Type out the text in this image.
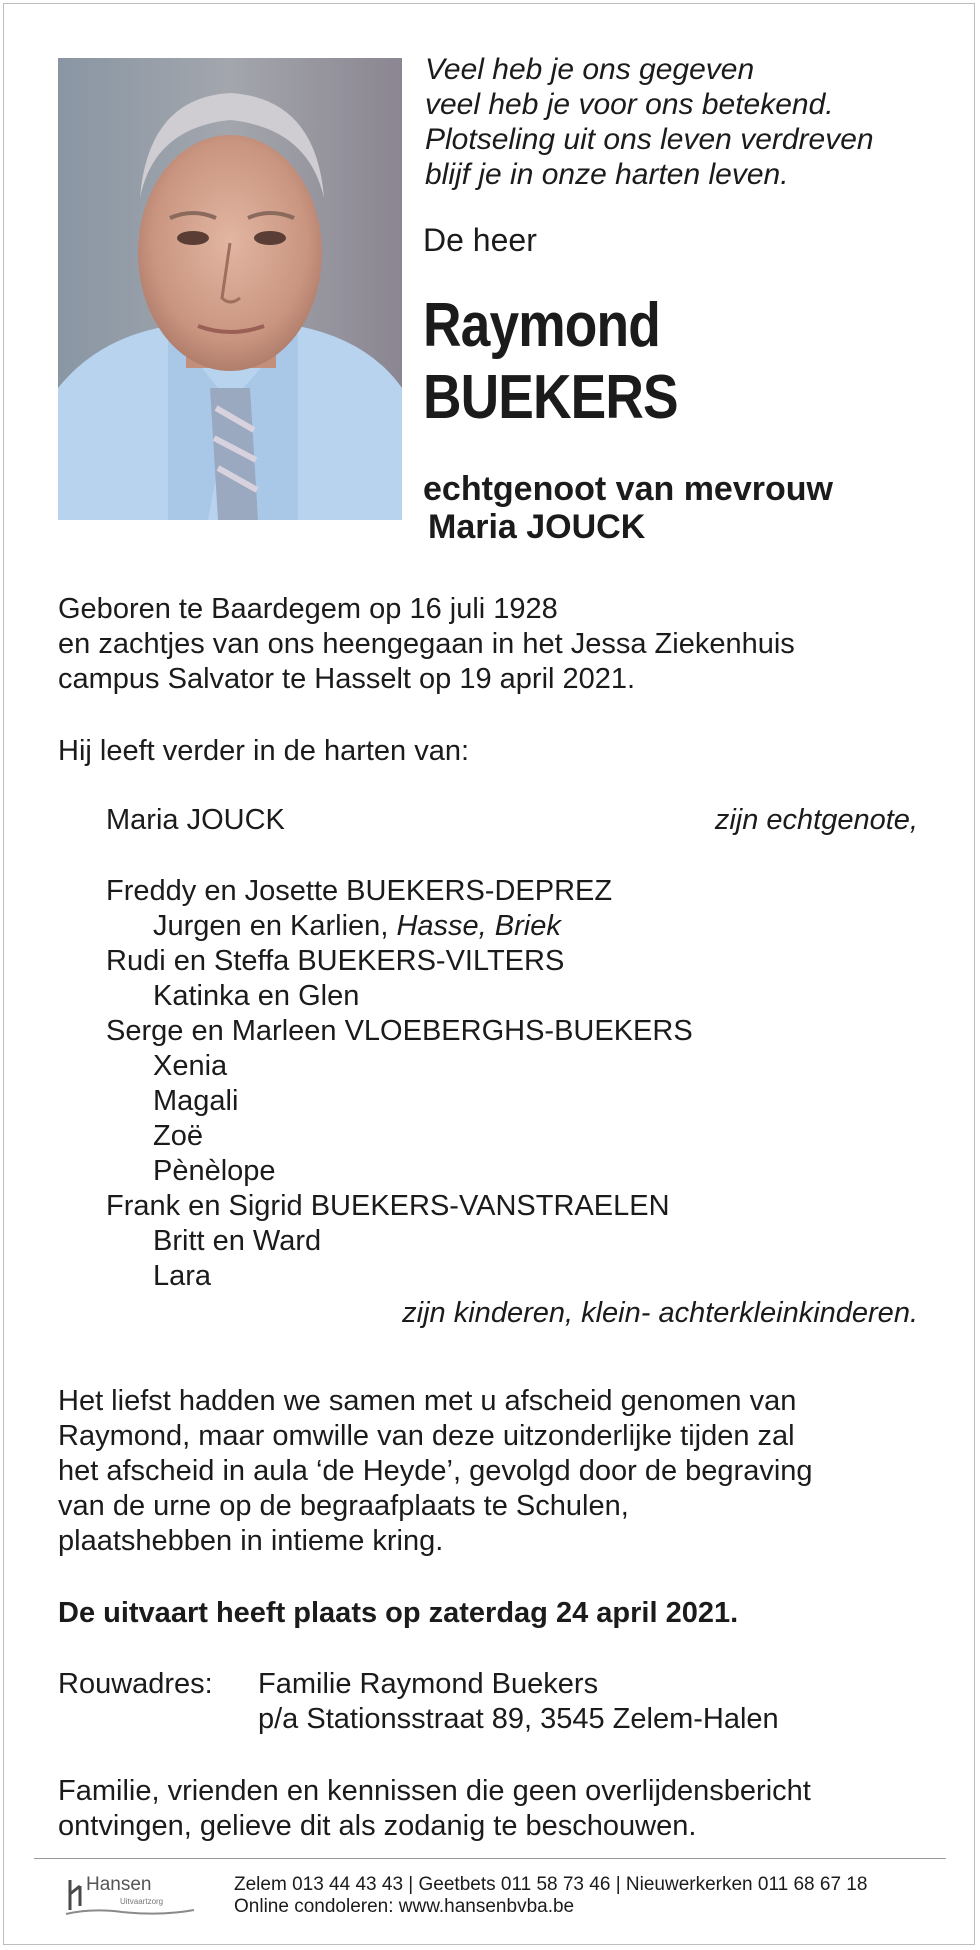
Veel heb je ons gegeven
veel heb je voor ons betekend.
Plotseling uit ons leven verdreven
blijf je in onze harten leven.
De heer
Raymond
BUEKERS
echtgenoot van mevrouw
Maria JOUCK
Geboren te Baardegem op 16 juli 1928
en zachtjes van ons heengegaan in het Jessa Ziekenhuis
campus Salvator te Hasselt op 19 april 2021.
Hij leeft verder in de harten van:
Maria JOUCK	zijn echtgenote,
Freddy en Josette BUEKERS-DEPREZ
Jurgen en Karlien, Hasse, Briek
Rudi en Steffa BUEKERS-VILTERS
Katinka en Glen
Serge en Marleen VLOEBERGHS-BUEKERS
Xenia
Magali
Zoë
Pènèlope
Frank en Sigrid BUEKERS-VANSTRAELEN
Britt en Ward
Lara
zijn kinderen, klein- achterkleinkinderen.
Het liefst hadden we samen met u afscheid genomen van
Raymond, maar omwille van deze uitzonderlijke tijden zal
het afscheid in aula ‘de Heyde’, gevolgd door de begraving
van de urne op de begraafplaats te Schulen,
plaatshebben in intieme kring.
De uitvaart heeft plaats op zaterdag 24 april 2021.
Rouwadres: Familie Raymond Buekers
p/a Stationsstraat 89, 3545 Zelem-Halen
Familie, vrienden en kennissen die geen overlijdensbericht
ontvingen, gelieve dit als zodanig te beschouwen.
Hansen
Uitvaartzorg
Zelem 013 44 43 43 | Geetbets 011 58 73 46 | Nieuwerkerken 011 68 67 18
Online condoleren: www.hansenbvba.be
